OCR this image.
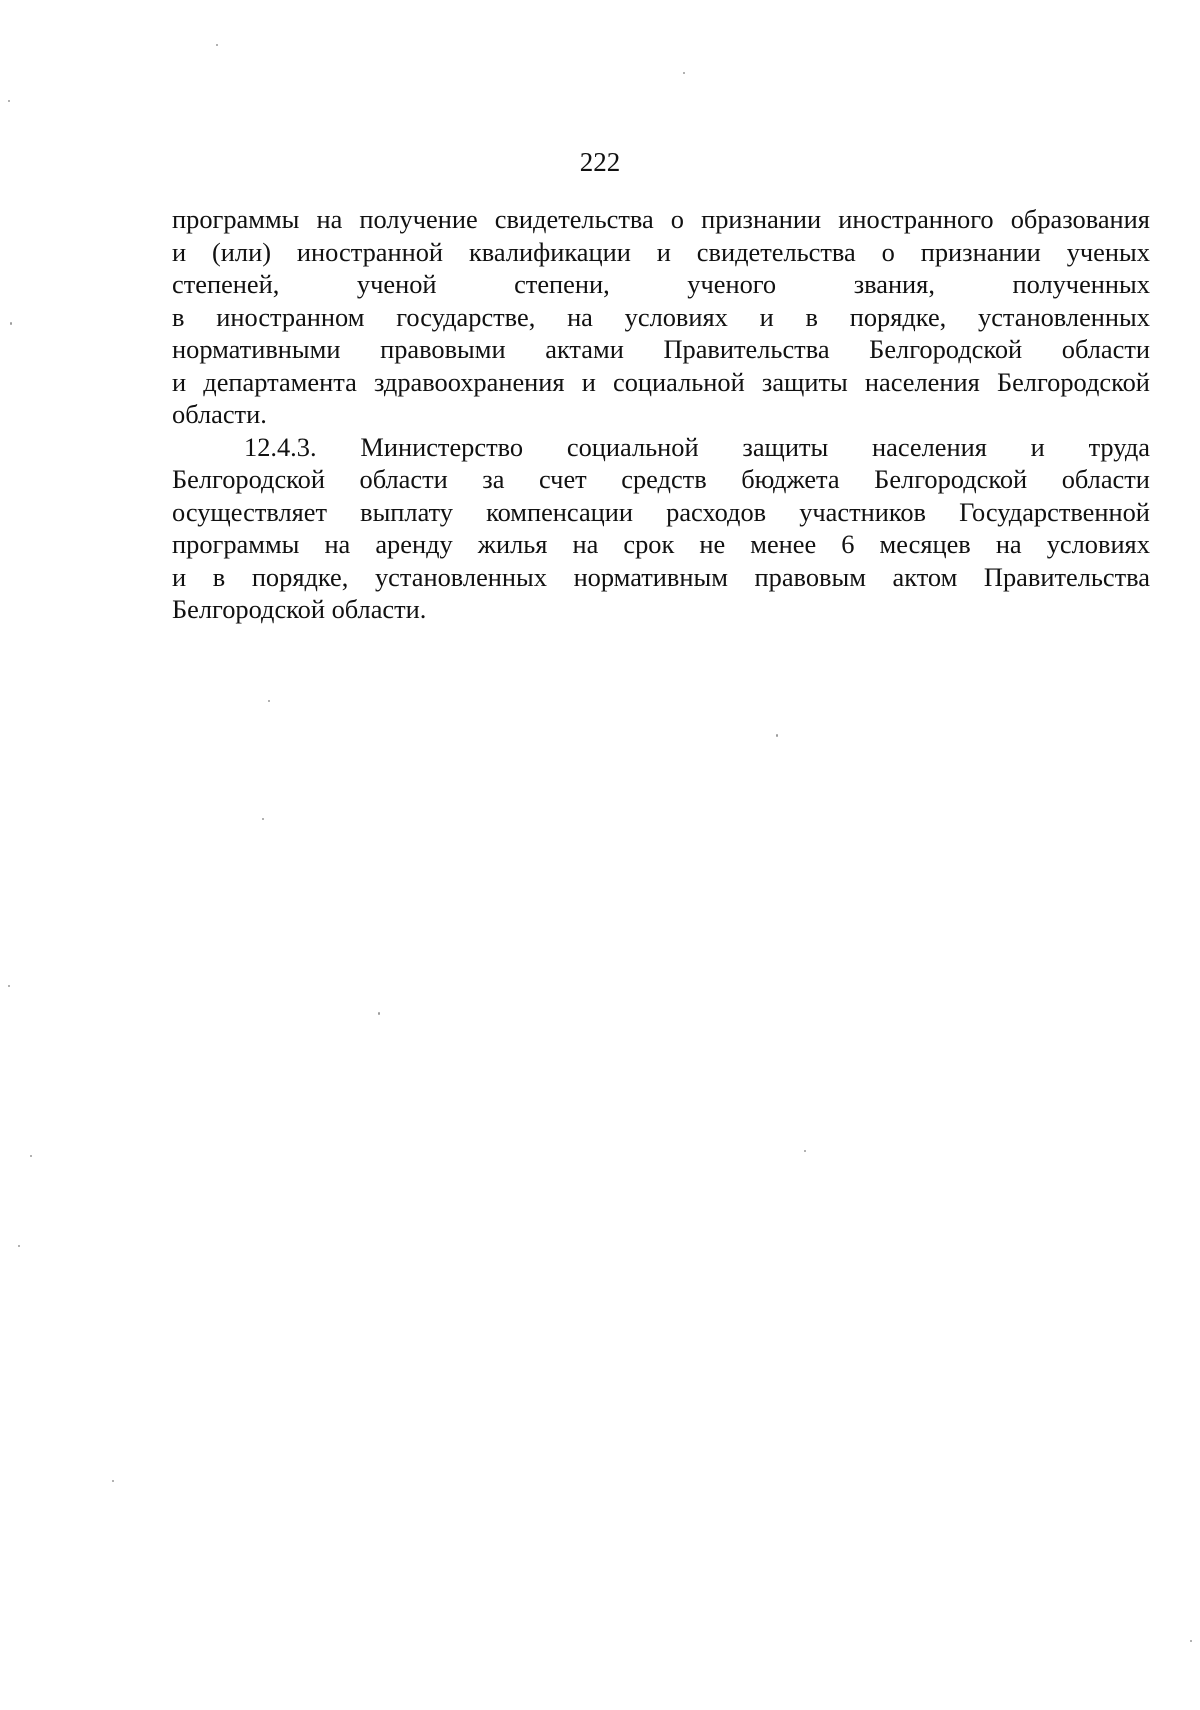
222
программы на получение свидетельства о признании иностранного образования
и (или) иностранной квалификации и свидетельства о признании ученых
степеней,	ученой	степени,	ученого	звания,	полученных
в иностранном государстве, на условиях и в порядке, установленных
нормативными правовыми актами Правительства Белгородской области
и департамента здравоохранения и социальной защиты населения Белгородской
области.
12.4.3. Министерство социальной защиты населения и труда
Белгородской области за счет средств бюджета Белгородской области
осуществляет выплату компенсации расходов участников Государственной
программы на аренду жилья на срок не менее 6 месяцев на условиях
и в порядке, установленных нормативным правовым актом Правительства
Белгородской области.
